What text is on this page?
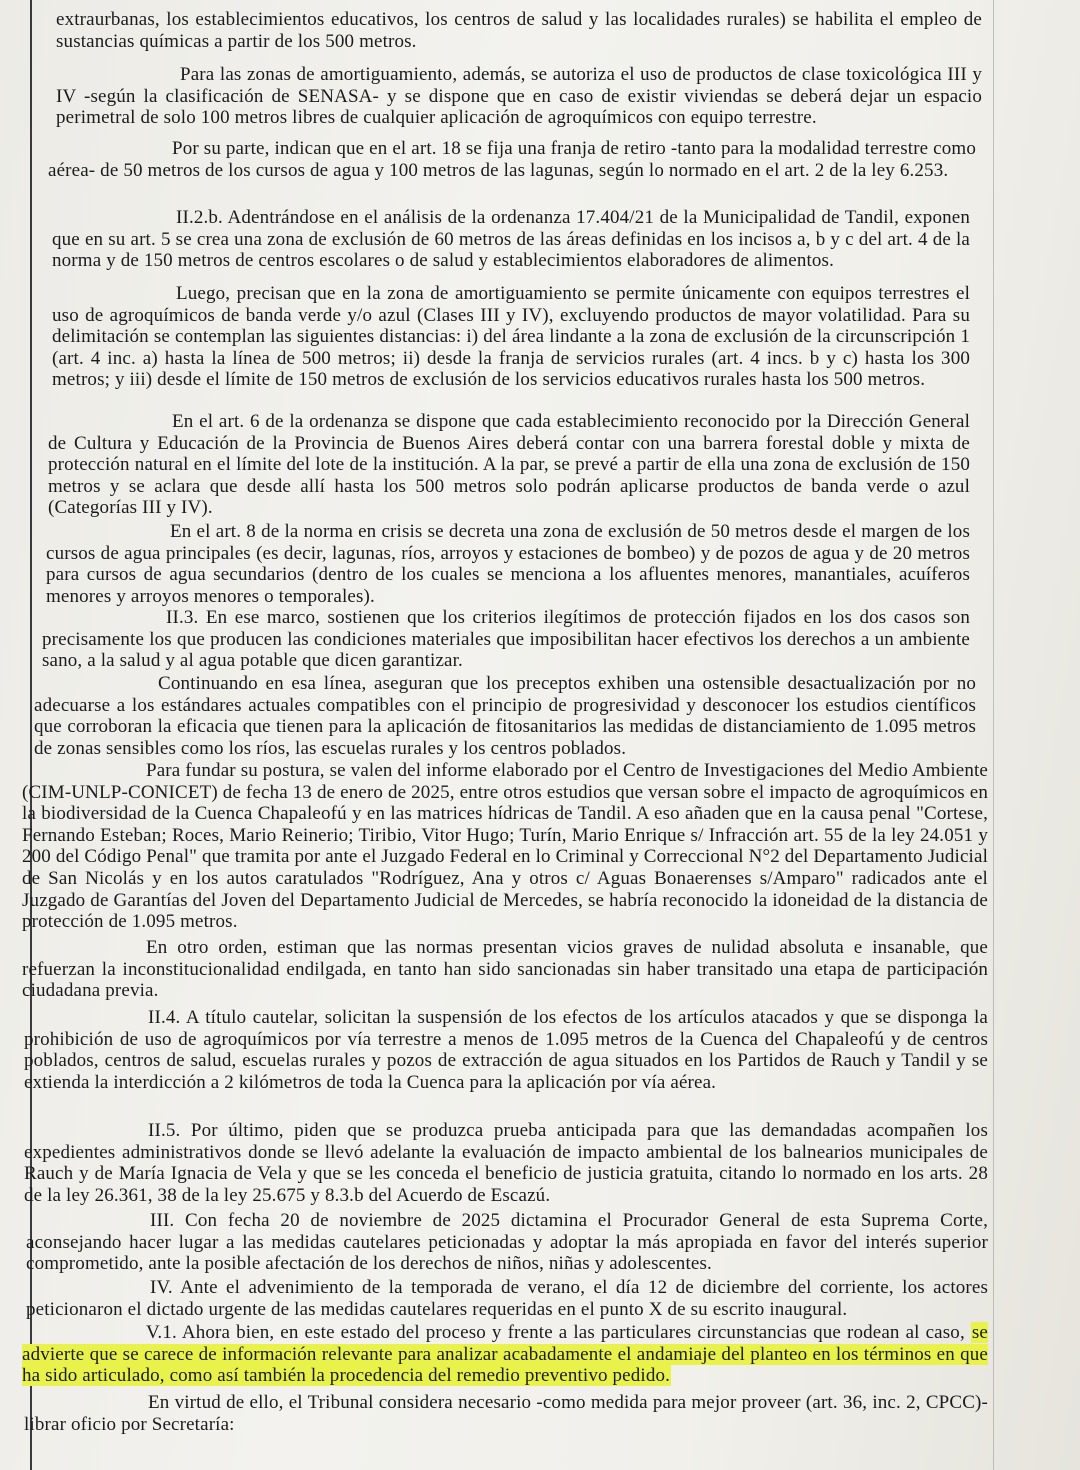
extraurbanas, los establecimientos educativos, los centros de salud y las localidades rurales) se habilita el empleo de sustancias químicas a partir de los 500 metros.

Para las zonas de amortiguamiento, además, se autoriza el uso de productos de clase toxicológica III y IV -según la clasificación de SENASA- y se dispone que en caso de existir viviendas se deberá dejar un espacio perimetral de solo 100 metros libres de cualquier aplicación de agroquímicos con equipo terrestre.

Por su parte, indican que en el art. 18 se fija una franja de retiro -tanto para la modalidad terrestre como aérea- de 50 metros de los cursos de agua y 100 metros de las lagunas, según lo normado en el art. 2 de la ley 6.253.

II.2.b. Adentrándose en el análisis de la ordenanza 17.404/21 de la Municipalidad de Tandil, exponen que en su art. 5 se crea una zona de exclusión de 60 metros de las áreas definidas en los incisos a, b y c del art. 4 de la norma y de 150 metros de centros escolares o de salud y establecimientos elaboradores de alimentos.

Luego, precisan que en la zona de amortiguamiento se permite únicamente con equipos terrestres el uso de agroquímicos de banda verde y/o azul (Clases III y IV), excluyendo productos de mayor volatilidad. Para su delimitación se contemplan las siguientes distancias: i) del área lindante a la zona de exclusión de la circunscripción 1 (art. 4 inc. a) hasta la línea de 500 metros; ii) desde la franja de servicios rurales (art. 4 incs. b y c) hasta los 300 metros; y iii) desde el límite de 150 metros de exclusión de los servicios educativos rurales hasta los 500 metros.

En el art. 6 de la ordenanza se dispone que cada establecimiento reconocido por la Dirección General de Cultura y Educación de la Provincia de Buenos Aires deberá contar con una barrera forestal doble y mixta de protección natural en el límite del lote de la institución. A la par, se prevé a partir de ella una zona de exclusión de 150 metros y se aclara que desde allí hasta los 500 metros solo podrán aplicarse productos de banda verde o azul (Categorías III y IV).

En el art. 8 de la norma en crisis se decreta una zona de exclusión de 50 metros desde el margen de los cursos de agua principales (es decir, lagunas, ríos, arroyos y estaciones de bombeo) y de pozos de agua y de 20 metros para cursos de agua secundarios (dentro de los cuales se menciona a los afluentes menores, manantiales, acuíferos menores y arroyos menores o temporales).

II.3. En ese marco, sostienen que los criterios ilegítimos de protección fijados en los dos casos son precisamente los que producen las condiciones materiales que imposibilitan hacer efectivos los derechos a un ambiente sano, a la salud y al agua potable que dicen garantizar.

Continuando en esa línea, aseguran que los preceptos exhiben una ostensible desactualización por no adecuarse a los estándares actuales compatibles con el principio de progresividad y desconocer los estudios científicos que corroboran la eficacia que tienen para la aplicación de fitosanitarios las medidas de distanciamiento de 1.095 metros de zonas sensibles como los ríos, las escuelas rurales y los centros poblados.

Para fundar su postura, se valen del informe elaborado por el Centro de Investigaciones del Medio Ambiente (CIM-UNLP-CONICET) de fecha 13 de enero de 2025, entre otros estudios que versan sobre el impacto de agroquímicos en la biodiversidad de la Cuenca Chapaleofú y en las matrices hídricas de Tandil. A eso añaden que en la causa penal "Cortese, Fernando Esteban; Roces, Mario Reinerio; Tiribio, Vitor Hugo; Turín, Mario Enrique s/ Infracción art. 55 de la ley 24.051 y 200 del Código Penal" que tramita por ante el Juzgado Federal en lo Criminal y Correccional N°2 del Departamento Judicial de San Nicolás y en los autos caratulados "Rodríguez, Ana y otros c/ Aguas Bonaerenses s/Amparo" radicados ante el Juzgado de Garantías del Joven del Departamento Judicial de Mercedes, se habría reconocido la idoneidad de la distancia de protección de 1.095 metros.

En otro orden, estiman que las normas presentan vicios graves de nulidad absoluta e insanable, que refuerzan la inconstitucionalidad endilgada, en tanto han sido sancionadas sin haber transitado una etapa de participación ciudadana previa.

II.4. A título cautelar, solicitan la suspensión de los efectos de los artículos atacados y que se disponga la prohibición de uso de agroquímicos por vía terrestre a menos de 1.095 metros de la Cuenca del Chapaleofú y de centros poblados, centros de salud, escuelas rurales y pozos de extracción de agua situados en los Partidos de Rauch y Tandil y se extienda la interdicción a 2 kilómetros de toda la Cuenca para la aplicación por vía aérea.

II.5. Por último, piden que se produzca prueba anticipada para que las demandadas acompañen los expedientes administrativos donde se llevó adelante la evaluación de impacto ambiental de los balnearios municipales de Rauch y de María Ignacia de Vela y que se les conceda el beneficio de justicia gratuita, citando lo normado en los arts. 28 de la ley 26.361, 38 de la ley 25.675 y 8.3.b del Acuerdo de Escazú.

III. Con fecha 20 de noviembre de 2025 dictamina el Procurador General de esta Suprema Corte, aconsejando hacer lugar a las medidas cautelares peticionadas y adoptar la más apropiada en favor del interés superior comprometido, ante la posible afectación de los derechos de niños, niñas y adolescentes.

IV. Ante el advenimiento de la temporada de verano, el día 12 de diciembre del corriente, los actores peticionaron el dictado urgente de las medidas cautelares requeridas en el punto X de su escrito inaugural.

V.1. Ahora bien, en este estado del proceso y frente a las particulares circunstancias que rodean al caso, se advierte que se carece de información relevante para analizar acabadamente el andamiaje del planteo en los términos en que ha sido articulado, como así también la procedencia del remedio preventivo pedido.

En virtud de ello, el Tribunal considera necesario -como medida para mejor proveer (art. 36, inc. 2, CPCC)- librar oficio por Secretaría:
